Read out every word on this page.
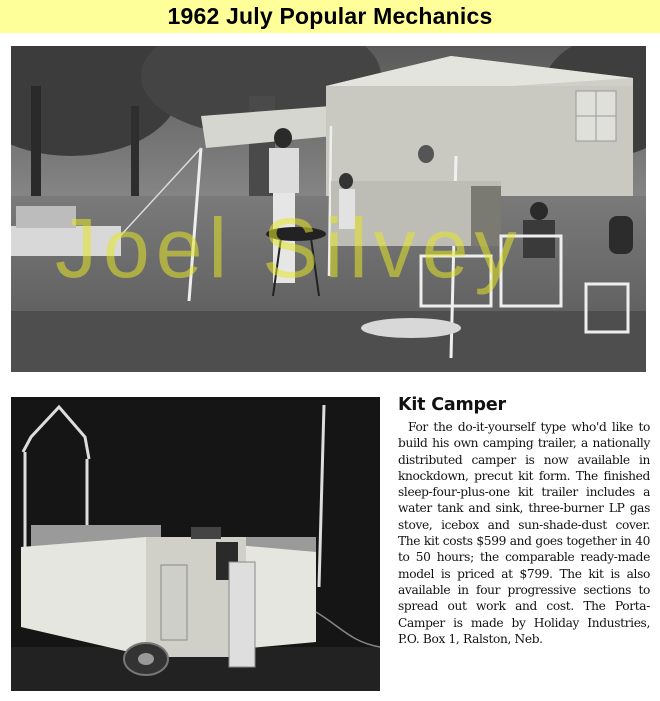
1962 July Popular Mechanics
Joel Silvey
Kit Camper

For the do-it-yourself type who'd like to build his own camping trailer, a nationally distributed camper is now available in knockdown, precut kit form. The finished sleep-four-plus-one kit trailer includes a water tank and sink, three-burner LP gas stove, icebox and sun-shade-dust cover. The kit costs $599 and goes together in 40 to 50 hours; the comparable ready-made model is priced at $799. The kit is also available in four progressive sections to spread out work and cost. The Porta-Camper is made by Holiday Industries, P.O. Box 1, Ralston, Neb.
